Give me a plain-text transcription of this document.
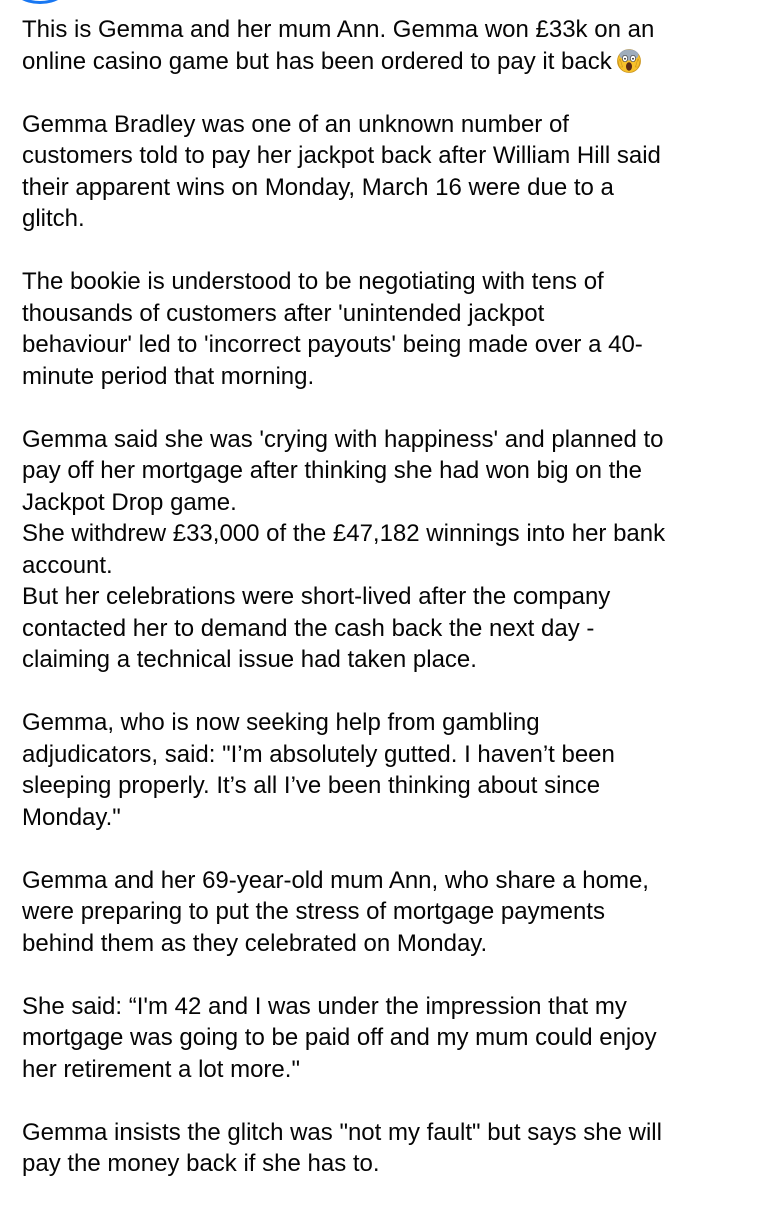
This is Gemma and her mum Ann. Gemma won £33k on an
online casino game but has been ordered to pay it back

Gemma Bradley was one of an unknown number of
customers told to pay her jackpot back after William Hill said
their apparent wins on Monday, March 16 were due to a
glitch.

The bookie is understood to be negotiating with tens of
thousands of customers after 'unintended jackpot
behaviour' led to 'incorrect payouts' being made over a 40-
minute period that morning.

Gemma said she was 'crying with happiness' and planned to
pay off her mortgage after thinking she had won big on the
Jackpot Drop game.
She withdrew £33,000 of the £47,182 winnings into her bank
account.
But her celebrations were short-lived after the company
contacted her to demand the cash back the next day -
claiming a technical issue had taken place.

Gemma, who is now seeking help from gambling
adjudicators, said: "I’m absolutely gutted. I haven’t been
sleeping properly. It’s all I’ve been thinking about since
Monday."

Gemma and her 69-year-old mum Ann, who share a home,
were preparing to put the stress of mortgage payments
behind them as they celebrated on Monday.

She said: “I'm 42 and I was under the impression that my
mortgage was going to be paid off and my mum could enjoy
her retirement a lot more."

Gemma insists the glitch was "not my fault" but says she will
pay the money back if she has to.
